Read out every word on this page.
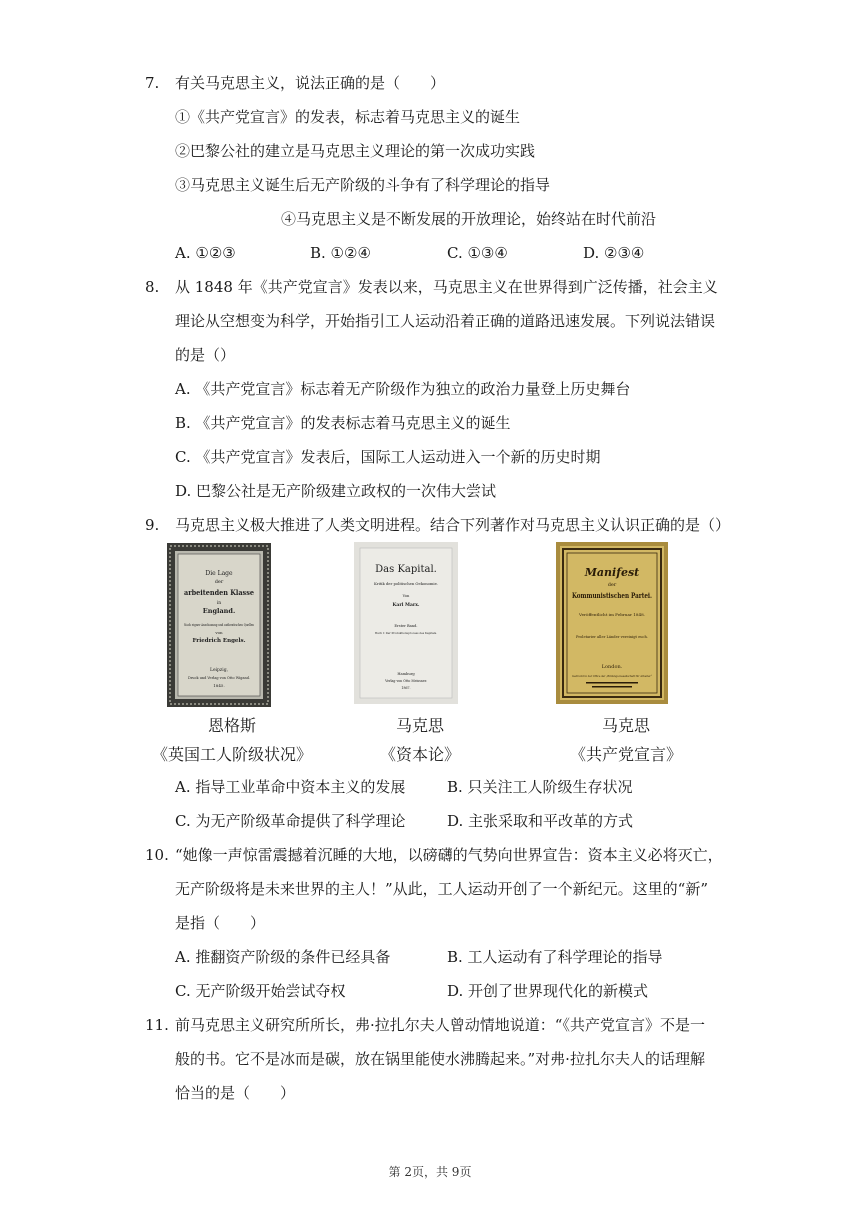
7. 有关马克思主义，说法正确的是（　　）
①《共产党宣言》的发表，标志着马克思主义的诞生
②巴黎公社的建立是马克思主义理论的第一次成功实践
③马克思主义诞生后无产阶级的斗争有了科学理论的指导
④马克思主义是不断发展的开放理论，始终站在时代前沿
A. ①②③	B. ①②④	C. ①③④	D. ②③④
8. 从 1848 年《共产党宣言》发表以来，马克思主义在世界得到广泛传播，社会主义
理论从空想变为科学，开始指引工人运动沿着正确的道路迅速发展。下列说法错误
的是（）
A. 《共产党宣言》标志着无产阶级作为独立的政治力量登上历史舞台
B. 《共产党宣言》的发表标志着马克思主义的诞生
C. 《共产党宣言》发表后，国际工人运动进入一个新的历史时期
D. 巴黎公社是无产阶级建立政权的一次伟大尝试
9. 马克思主义极大推进了人类文明进程。结合下列著作对马克思主义认识正确的是（）
Die Lage
der
arbeitenden Klasse
in
England.
Nach eigner Anschauung und authentischen Quellen
von
Friedrich Engels.
Leipzig,
Druck und Verlag von Otto Wigand.
1845.
Das Kapital.
Kritik der politischen Oekonomie.
Von
Karl Marx.
Erster Band.
Buch I: Der Produktionsprocess des Kapitals.
Hamburg
Verlag von Otto Meissner.
1867.
Manifest
der
Kommunistischen Partei.
Veröffentlicht im Februar 1848.
Proletarier aller Länder vereinigt euch.
London.
Gedruckt in der Office der „Bildungs-Gesellschaft für Arbeiter“
恩格斯	马克思	马克思
《英国工人阶级状况》	《资本论》	《共产党宣言》
A. 指导工业革命中资本主义的发展	B. 只关注工人阶级生存状况
C. 为无产阶级革命提供了科学理论	D. 主张采取和平改革的方式
10. “她像一声惊雷震撼着沉睡的大地，以磅礴的气势向世界宣告：资本主义必将灭亡，
无产阶级将是未来世界的主人！”从此，工人运动开创了一个新纪元。这里的“新”
是指（　　）
A. 推翻资产阶级的条件已经具备	B. 工人运动有了科学理论的指导
C. 无产阶级开始尝试夺权	D. 开创了世界现代化的新模式
11. 前马克思主义研究所所长，弗·拉扎尔夫人曾动情地说道：“《共产党宣言》不是一
般的书。它不是冰而是碳，放在锅里能使水沸腾起来。”对弗·拉扎尔夫人的话理解
恰当的是（　　）
第 2页，共 9页
